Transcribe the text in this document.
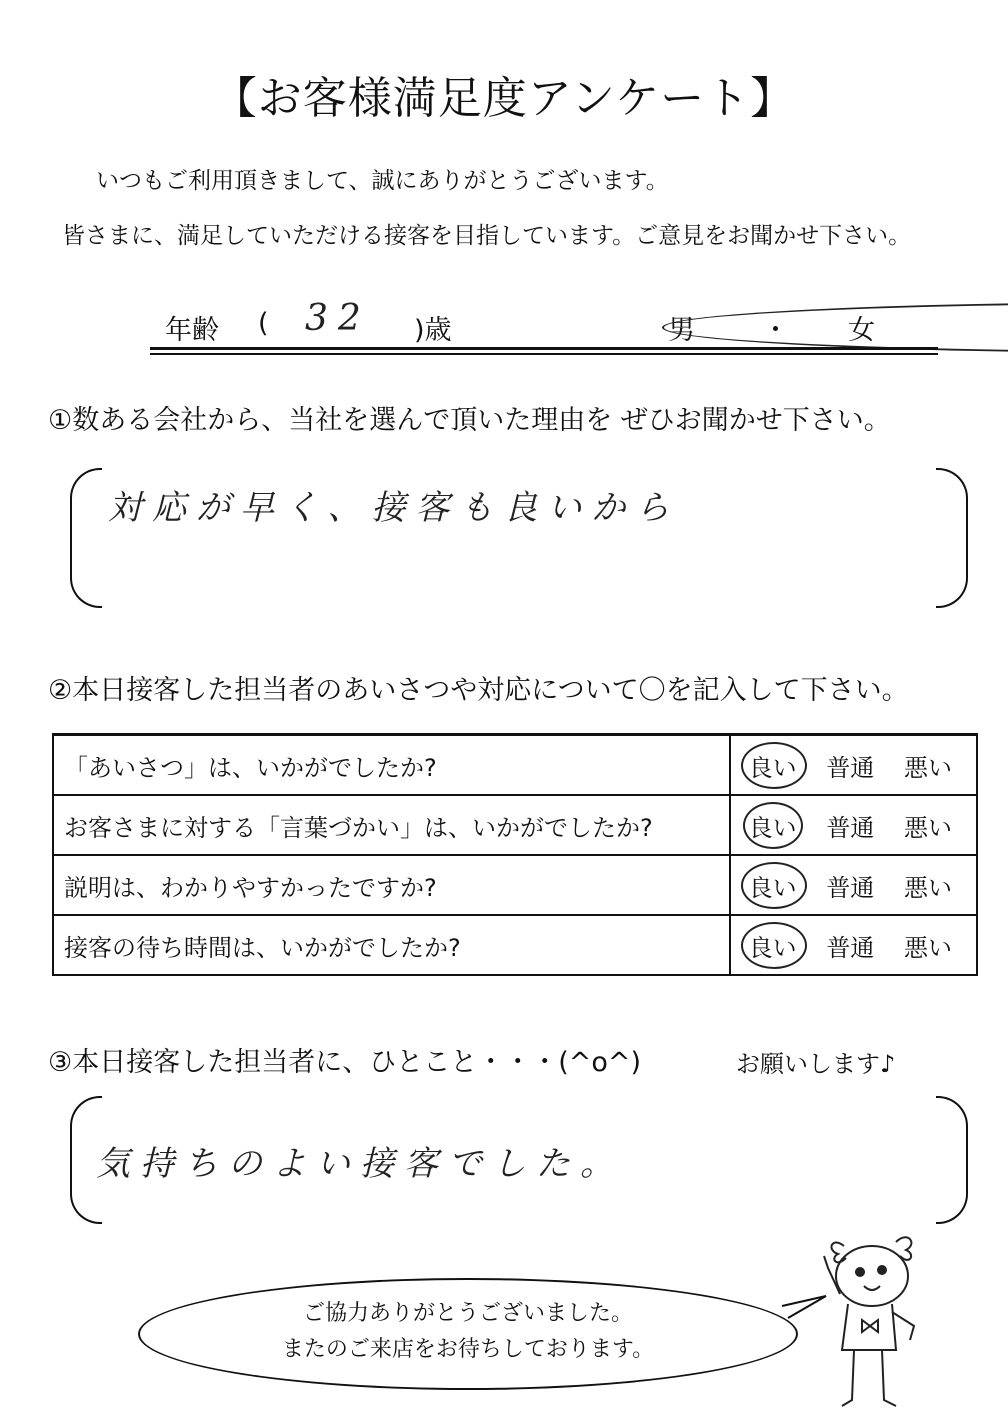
【お客様満足度アンケート】
いつもご利用頂きまして、誠にありがとうございます。
皆さまに、満足していただける接客を目指しています。ご意見をお聞かせ下さい。
年齢 ( 32 )歳	男	・ 女
①数ある会社から、当社を選んで頂いた理由を ぜひお聞かせ下さい。
対応が早く、接客も良いから
②本日接客した担当者のあいさつや対応について〇を記入して下さい。
「あいさつ」は、いかがでしたか?	良い 普通 悪い

お客さまに対する「言葉づかい」は、いかがでしたか?	良い 普通 悪い

説明は、わかりやすかったですか?	良い 普通 悪い

接客の待ち時間は、いかがでしたか?	良い 普通 悪い
③本日接客した担当者に、ひとこと・・・(^o^)	お願いします♪
気持ちのよい接客でした。
ご協力ありがとうございました。
またのご来店をお待ちしております。
